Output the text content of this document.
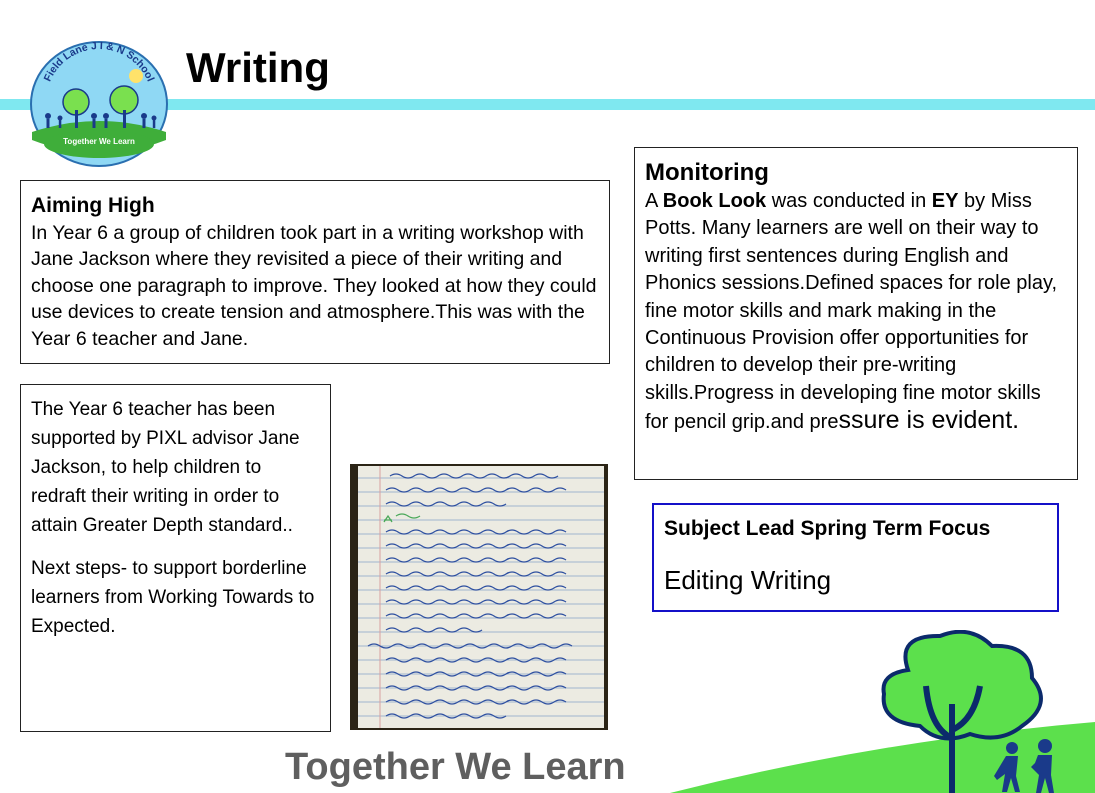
Field Lane J I & N School
Together We Learn
Writing
Aiming High
In Year 6 a group of children took part in a writing workshop with Jane Jackson where they revisited a piece of their writing and choose one paragraph to improve. They looked at how they could use devices to create tension and atmosphere.This was with the Year 6 teacher and Jane.
Monitoring
A Book Look was conducted in EY by Miss Potts. Many learners are well on their way to writing first sentences during English and Phonics sessions.Defined spaces for role play, fine motor skills and mark making in the Continuous Provision offer opportunities for children to develop their pre-writing skills.Progress in developing fine motor skills for pencil grip.and pressure is evident.

The Year 6 teacher has been supported by PIXL advisor Jane Jackson, to help children to redraft their writing in order to attain Greater Depth standard..

Next steps- to support borderline learners from Working Towards to Expected.

Subject Lead Spring Term Focus
Editing Writing
Together We Learn
